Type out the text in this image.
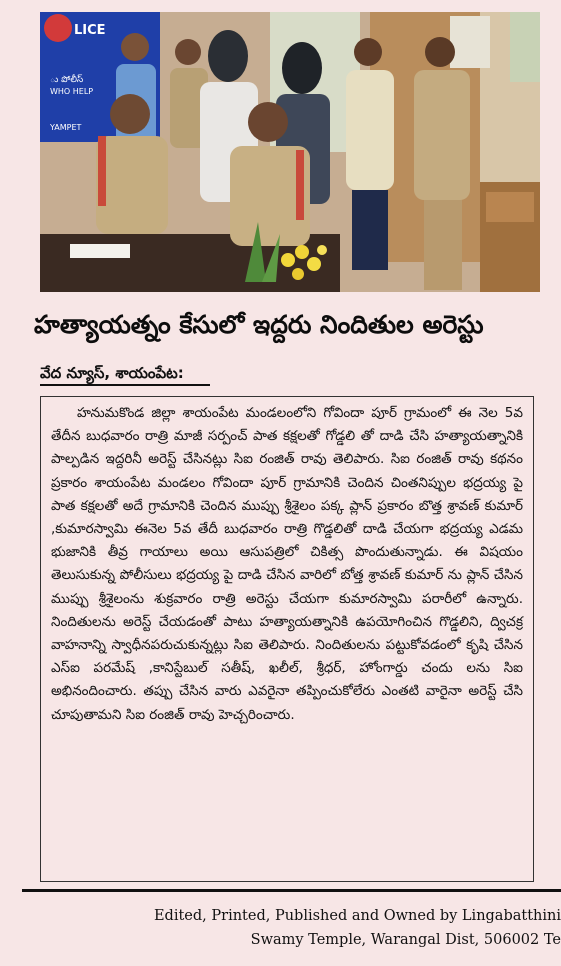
LICE
ు పోలీస్
WHO HELP
YAMPET
హత్యాయత్నం కేసులో ఇద్దరు నిందితుల అరెస్టు
వేద న్యూస్, శాయంపేట:

హనుమకొండ జిల్లా శాయంపేట మండలంలోని గోవిందా పూర్ గ్రామంలో ఈ నెల 5వ తేదీన బుధవారం రాత్రి మాజీ సర్పంచ్ పాత కక్షలతో గోడ్డలి తో దాడి చేసి హత్యాయత్నానికి పాల్పడిన ఇద్దరినీ అరెస్ట్ చేసినట్లు సిఐ రంజిత్ రావు తెలిపారు. సిఐ రంజిత్ రావు కథనం ప్రకారం శాయంపేట మండలం గోవిందా పూర్ గ్రామానికి చెందిన చింతనిప్పుల భద్రయ్య పై పాత కక్షలతో అదే గ్రామానికి చెందిన ముప్పు శ్రీశైలం పక్క ప్లాన్ ప్రకారం బొత్త శ్రావణ్ కుమార్ ,కుమారస్వామి ఈనెల 5వ తేదీ బుధవారం రాత్రి గొడ్డలితో దాడి చేయగా భద్రయ్య ఎడమ భుజానికి తీవ్ర గాయాలు అయి ఆసుపత్రిలో చికిత్స పొందుతున్నాడు. ఈ విషయం తెలుసుకున్న పోలీసులు భద్రయ్య పై దాడి చేసిన వారిలో బోత్త శ్రావణ్ కుమార్ ను ప్లాన్ చేసిన ముప్పు శ్రీశైలంను శుక్రవారం రాత్రి అరెస్టు చేయగా కుమారస్వామి పరారీలో ఉన్నారు. నిందితులను అరెస్ట్ చేయడంతో పాటు హత్యాయత్నానికి ఉపయోగించిన గొడ్డలిని, ద్విచక్ర వాహనాన్ని స్వాధీనపరుచుకున్నట్లు సిఐ తెలిపారు. నిందితులను పట్టుకోవడంలో కృషి చేసిన ఎస్ఐ పరమేష్ ,కానిస్టేబుల్ సతీష్, ఖలీల్, శ్రీధర్, హోంగార్డు చందు లను సిఐ అభినందించారు. తప్పు చేసిన వారు ఎవరైనా తప్పించుకోలేరు ఎంతటి వారైనా అరెస్ట్ చేసి చూపుతామని సిఐ రంజిత్ రావు హెచ్చరించారు.

Edited, Printed, Published and Owned by Lingabatthini
Swamy Temple, Warangal Dist, 506002 Te
